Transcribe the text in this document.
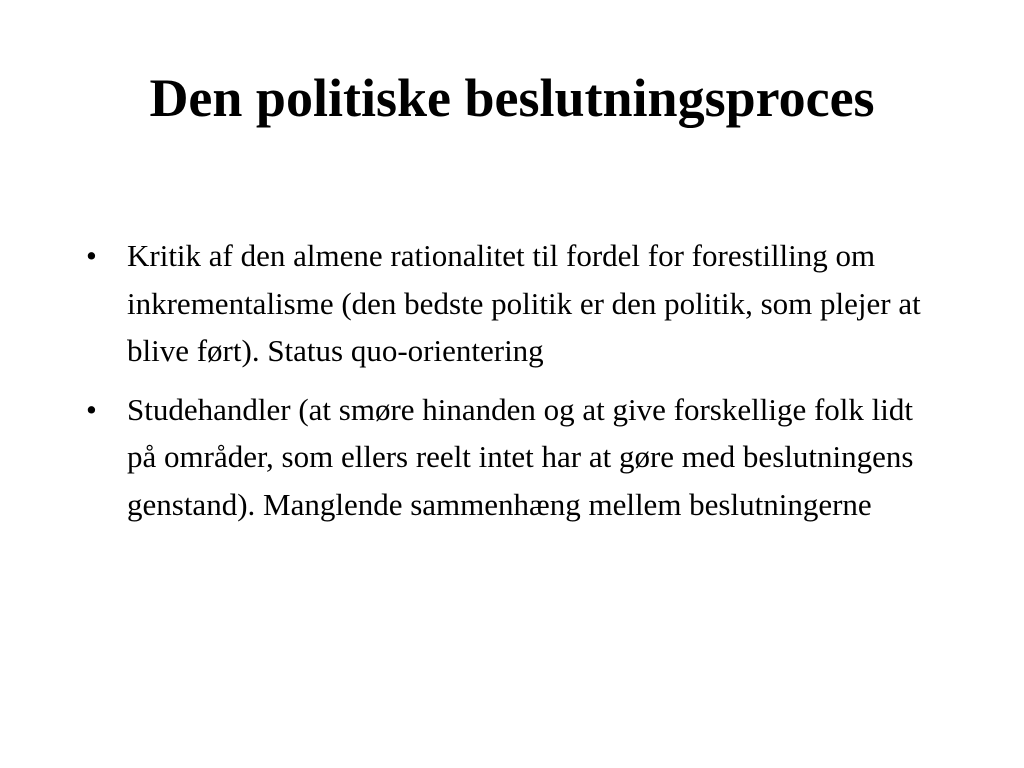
Den politiske beslutningsproces
• Kritik af den almene rationalitet til fordel for forestilling om inkrementalisme (den bedste politik er den politik, som plejer at blive ført). Status quo-orientering
• Studehandler (at smøre hinanden og at give forskellige folk lidt på områder, som ellers reelt intet har at gøre med beslutningens genstand). Manglende sammenhæng mellem beslutningerne
